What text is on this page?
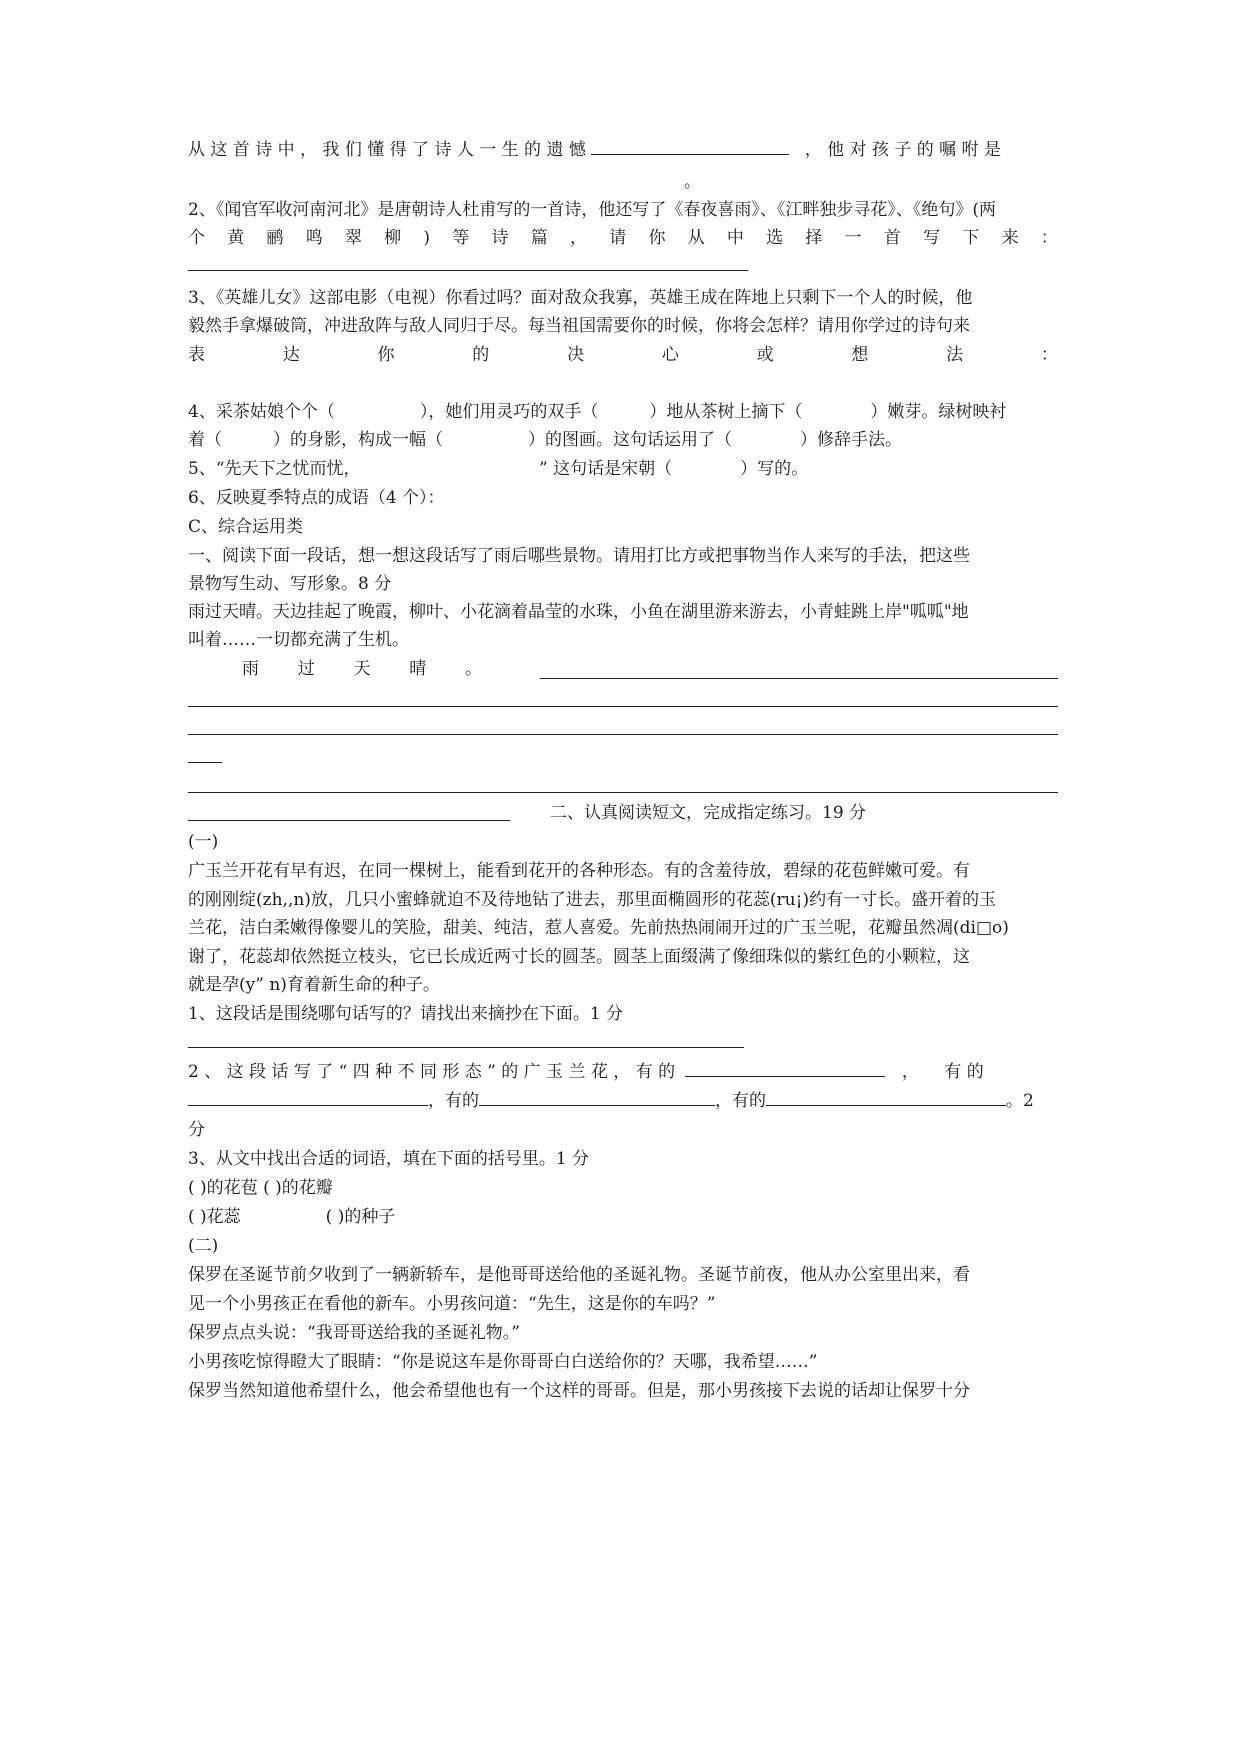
从 这 首 诗 中 ， 我 们 懂 得 了 诗 人 一 生 的 遗 憾	， 他 对 孩 子 的 嘱 咐 是
。
2、《闻官军收河南河北》是唐朝诗人杜甫写的一首诗，他还写了《春夜喜雨》、《江畔独步寻花》、《绝句》(两
个 黄 鹂 鸣 翠 柳 ) 等 诗 篇 ， 请 你 从 中 选 择 一 首 写 下 来 ：
3、《英雄儿女》这部电影（电视）你看过吗？面对敌众我寡，英雄王成在阵地上只剩下一个人的时候，他
毅然手拿爆破筒，冲进敌阵与敌人同归于尽。每当祖国需要你的时候，你将会怎样？请用你学过的诗句来
表	达	你	的	决	心	或	想	法	：
4、采茶姑娘个个（　　　　　），她们用灵巧的双手（　　　）地从茶树上摘下（　　　　）嫩芽。绿树映衬
着（　　　）的身影，构成一幅（　　　　　）的图画。这句话运用了（　　　　）修辞手法。
5、“先天下之忧而忧，　　　　　　　　　　　” 这句话是宋朝（　　　　）写的。
6、反映夏季特点的成语（4 个）：
C、综合运用类
一、阅读下面一段话，想一想这段话写了雨后哪些景物。请用打比方或把事物当作人来写的手法，把这些
景物写生动、写形象。8 分
雨过天晴。天边挂起了晚霞，柳叶、小花滴着晶莹的水珠，小鱼在湖里游来游去，小青蛙跳上岸"呱呱"地
叫着……一切都充满了生机。
雨 过 天 晴 。
二、认真阅读短文，完成指定练习。19 分
(一)
广玉兰开花有早有迟，在同一棵树上，能看到花开的各种形态。有的含羞待放，碧绿的花苞鲜嫩可爱。有
的刚刚绽(zh,,n)放，几只小蜜蜂就迫不及待地钻了进去，那里面椭圆形的花蕊(ru¡)约有一寸长。盛开着的玉
兰花，洁白柔嫩得像婴儿的笑脸，甜美、纯洁，惹人喜爱。先前热热闹闹开过的广玉兰呢，花瓣虽然凋(di□o)
谢了，花蕊却依然挺立枝头，它已长成近两寸长的圆茎。圆茎上面缀满了像细珠似的紫红色的小颗粒，这
就是孕(y” n)育着新生命的种子。
1、这段话是围绕哪句话写的？请找出来摘抄在下面。1 分
2 、 这 段 话 写 了 “ 四 种 不 同 形 态 ” 的 广 玉 兰 花 ， 有 的	，　　有 的
，有的	，有的	。2
分
3、从文中找出合适的词语，填在下面的括号里。1 分
( )的花苞 ( )的花瓣
( )花蕊　　　　　( )的种子
(二)
保罗在圣诞节前夕收到了一辆新轿车，是他哥哥送给他的圣诞礼物。圣诞节前夜，他从办公室里出来，看
见一个小男孩正在看他的新车。小男孩问道：“先生，这是你的车吗？”
保罗点点头说：“我哥哥送给我的圣诞礼物。”
小男孩吃惊得瞪大了眼睛：“你是说这车是你哥哥白白送给你的？天哪，我希望……”
保罗当然知道他希望什么，他会希望他也有一个这样的哥哥。但是，那小男孩接下去说的话却让保罗十分
